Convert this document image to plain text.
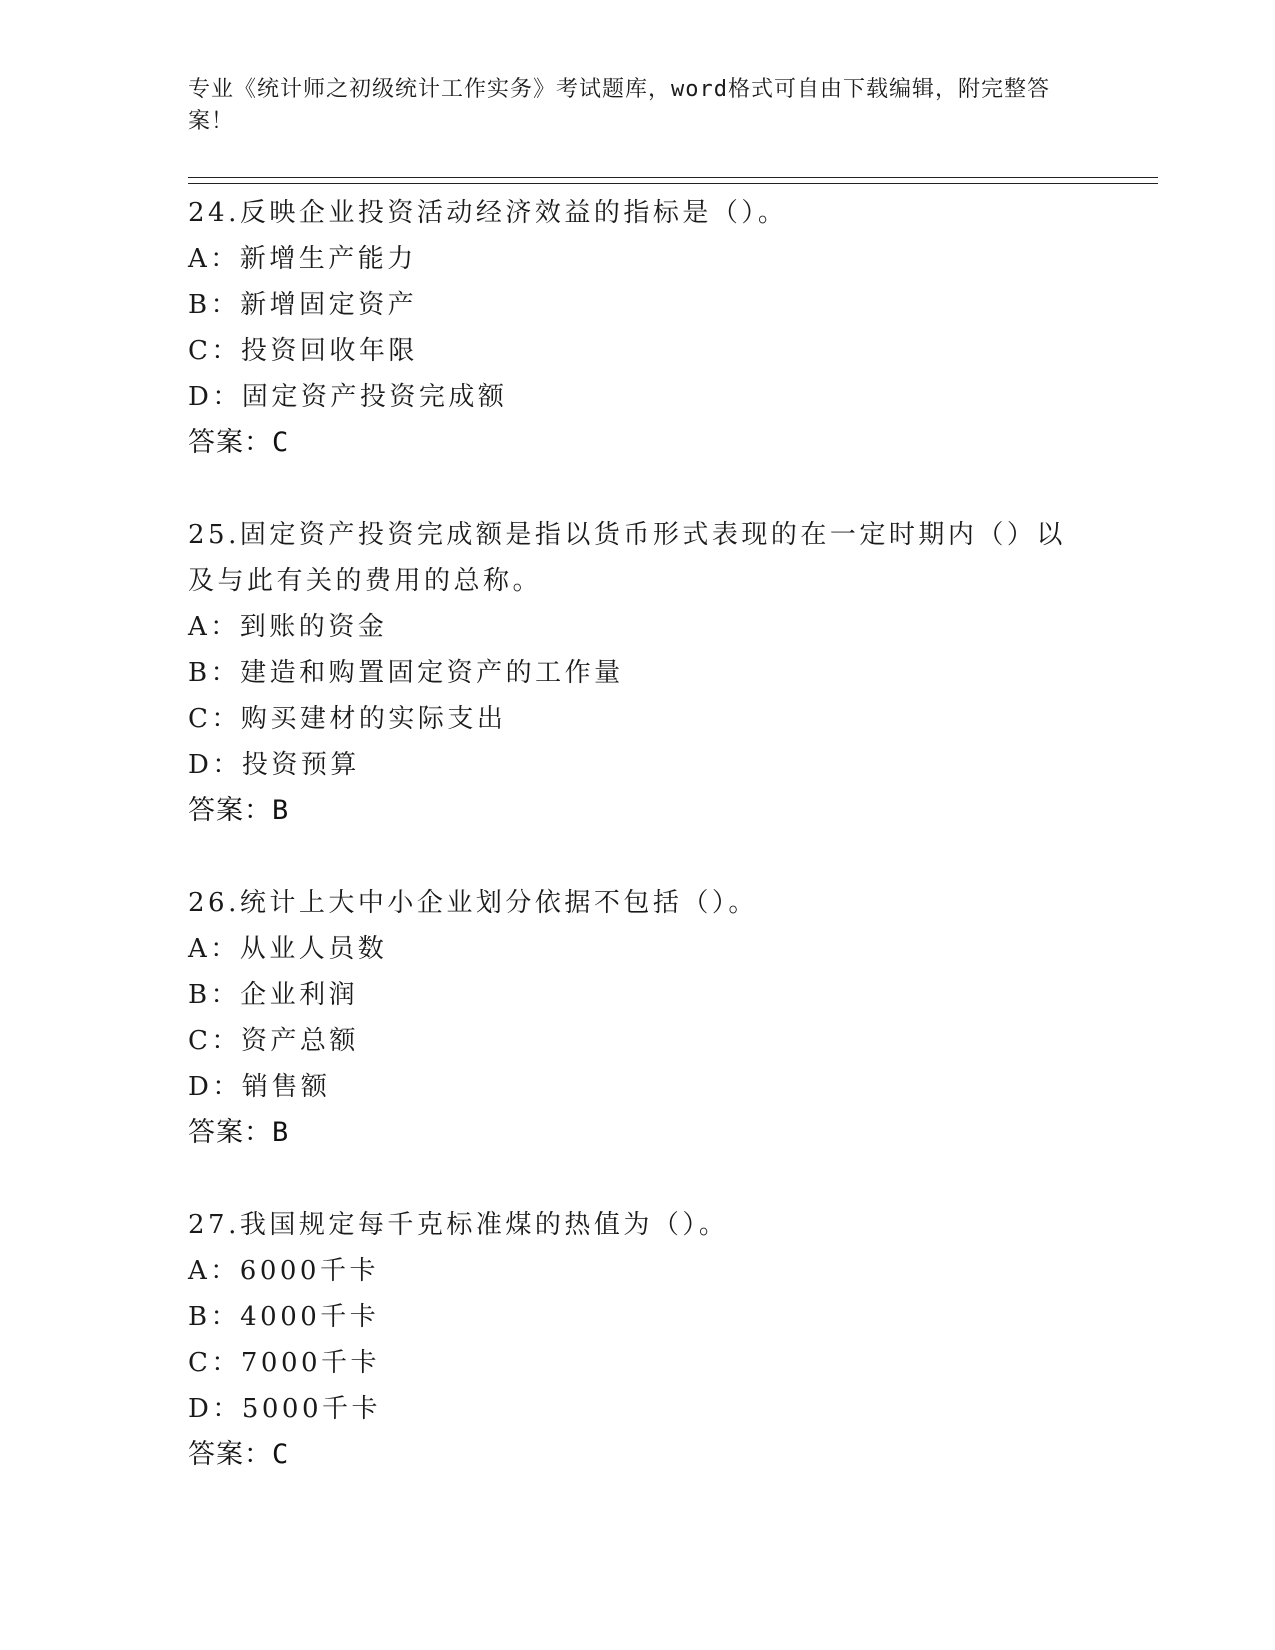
专业《统计师之初级统计工作实务》考试题库，word格式可自由下载编辑，附完整答案！
24.反映企业投资活动经济效益的指标是（）。
A：新增生产能力
B：新增固定资产
C：投资回收年限
D：固定资产投资完成额
答案：C
25.固定资产投资完成额是指以货币形式表现的在一定时期内（）以及与此有关的费用的总称。
A：到账的资金
B：建造和购置固定资产的工作量
C：购买建材的实际支出
D：投资预算
答案：B
26.统计上大中小企业划分依据不包括（）。
A：从业人员数
B：企业利润
C：资产总额
D：销售额
答案：B
27.我国规定每千克标准煤的热值为（）。
A：6000千卡
B：4000千卡
C：7000千卡
D：5000千卡
答案：C
